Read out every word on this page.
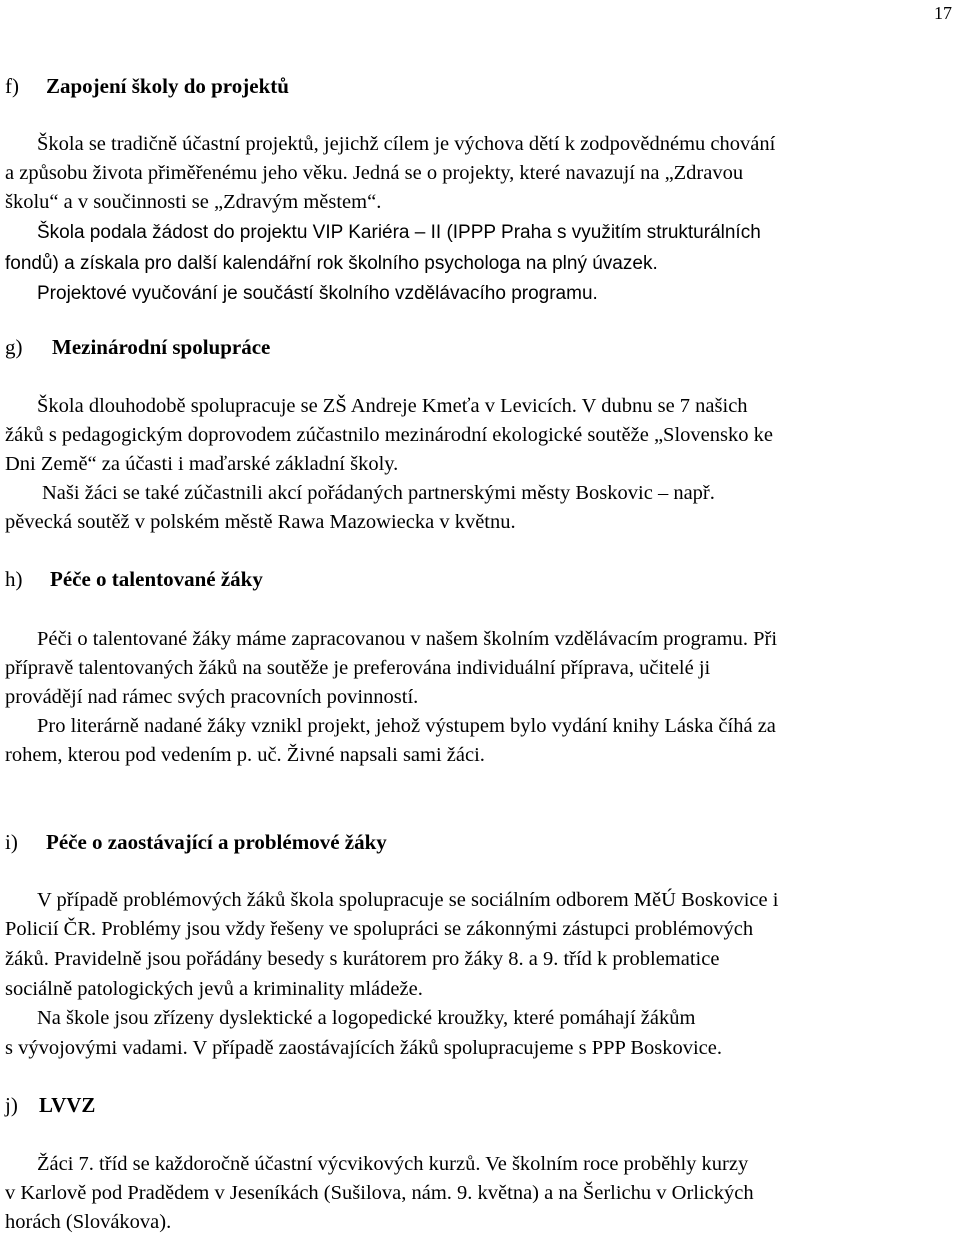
17
f) Zapojení školy do projektů
Škola se tradičně účastní projektů, jejichž cílem je výchova dětí k zodpovědnému chování
a způsobu života přiměřenému jeho věku. Jedná se o projekty, které navazují na „Zdravou
školu“ a v součinnosti se „Zdravým městem“.
Škola podala žádost do projektu VIP Kariéra – II (IPPP Praha s využitím strukturálních
fondů) a získala pro další kalendářní rok školního psychologa na plný úvazek.
Projektové vyučování je součástí školního vzdělávacího programu.
g) Mezinárodní spolupráce
Škola dlouhodobě spolupracuje se ZŠ Andreje Kmeťa v Levicích. V dubnu se 7 našich
žáků s pedagogickým doprovodem zúčastnilo mezinárodní ekologické soutěže „Slovensko ke
Dni Země“ za účasti i maďarské základní školy.
Naši žáci se také zúčastnili akcí pořádaných partnerskými městy Boskovic – např.
pěvecká soutěž v polském městě Rawa Mazowiecka v květnu.
h) Péče o talentované žáky
Péči o talentované žáky máme zapracovanou v našem školním vzdělávacím programu. Při
přípravě talentovaných žáků na soutěže je preferována individuální příprava, učitelé ji
provádějí nad rámec svých pracovních povinností.
Pro literárně nadané žáky vznikl projekt, jehož výstupem bylo vydání knihy Láska číhá za
rohem, kterou pod vedením p. uč. Živné napsali sami žáci.
i) Péče o zaostávající a problémové žáky
V případě problémových žáků škola spolupracuje se sociálním odborem MěÚ Boskovice i
Policií ČR. Problémy jsou vždy řešeny ve spolupráci se zákonnými zástupci problémových
žáků. Pravidelně jsou pořádány besedy s kurátorem pro žáky 8. a 9. tříd k problematice
sociálně patologických jevů a kriminality mládeže.
Na škole jsou zřízeny dyslektické a logopedické kroužky, které pomáhají žákům
s vývojovými vadami. V případě zaostávajících žáků spolupracujeme s PPP Boskovice.
j) LVVZ
Žáci 7. tříd se každoročně účastní výcvikových kurzů. Ve školním roce proběhly kurzy
v Karlově pod Pradědem v Jeseníkách (Sušilova, nám. 9. května) a na Šerlichu v Orlických
horách (Slovákova).
